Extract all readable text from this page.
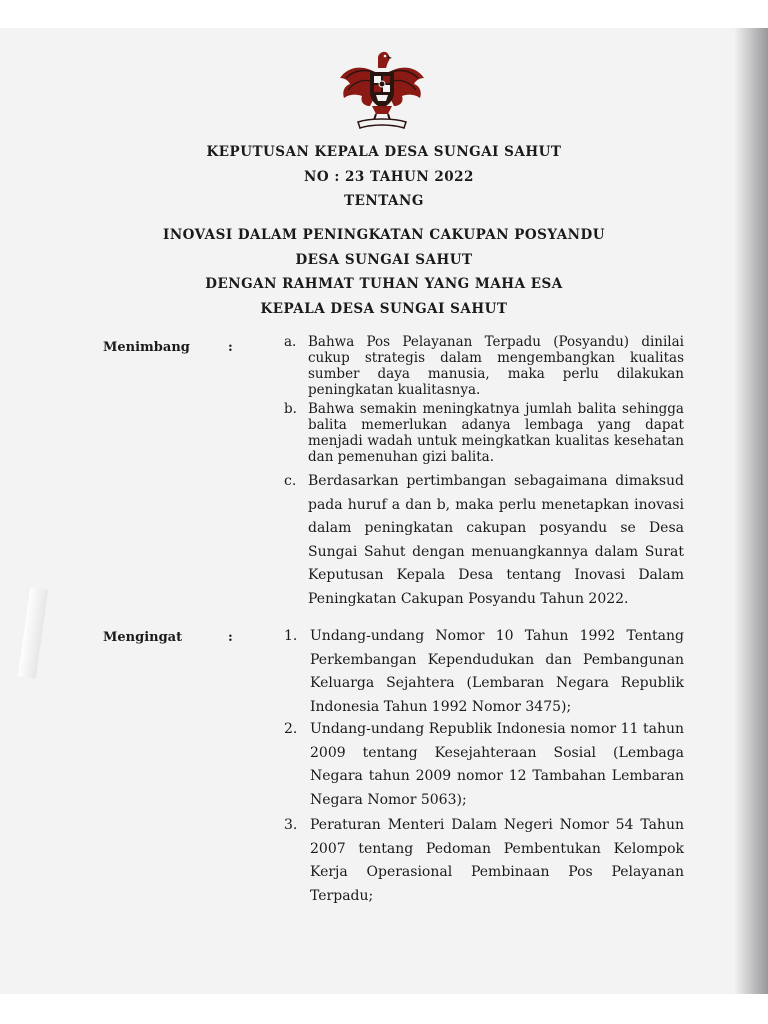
KEPUTUSAN KEPALA DESA SUNGAI SAHUT
NO : 23 TAHUN 2022
TENTANG
INOVASI DALAM PENINGKATAN CAKUPAN POSYANDU
DESA SUNGAI SAHUT
DENGAN RAHMAT TUHAN YANG MAHA ESA
KEPALA DESA SUNGAI SAHUT
Menimbang	:	a. Bahwa Pos Pelayanan Terpadu (Posyandu) dinilai cukup strategis dalam mengembangkan kualitas sumber daya manusia, maka perlu dilakukan peningkatan kualitasnya.
b. Bahwa semakin meningkatnya jumlah balita sehingga balita memerlukan adanya lembaga yang dapat menjadi wadah untuk meingkatkan kualitas kesehatan dan pemenuhan gizi balita.
c. Berdasarkan pertimbangan sebagaimana dimaksud pada huruf a dan b, maka perlu menetapkan inovasi dalam peningkatan cakupan posyandu se Desa Sungai Sahut dengan menuangkannya dalam Surat Keputusan Kepala Desa tentang Inovasi Dalam Peningkatan Cakupan Posyandu Tahun 2022.
Mengingat	:	1. Undang-undang Nomor 10 Tahun 1992 Tentang Perkembangan Kependudukan dan Pembangunan Keluarga Sejahtera (Lembaran Negara Republik Indonesia Tahun 1992 Nomor 3475);
2. Undang-undang Republik Indonesia nomor 11 tahun 2009 tentang Kesejahteraan Sosial (Lembaga Negara tahun 2009 nomor 12 Tambahan Lembaran Negara Nomor 5063);
3. Peraturan Menteri Dalam Negeri Nomor 54 Tahun 2007 tentang Pedoman Pembentukan Kelompok Kerja Operasional Pembinaan Pos Pelayanan Terpadu;
